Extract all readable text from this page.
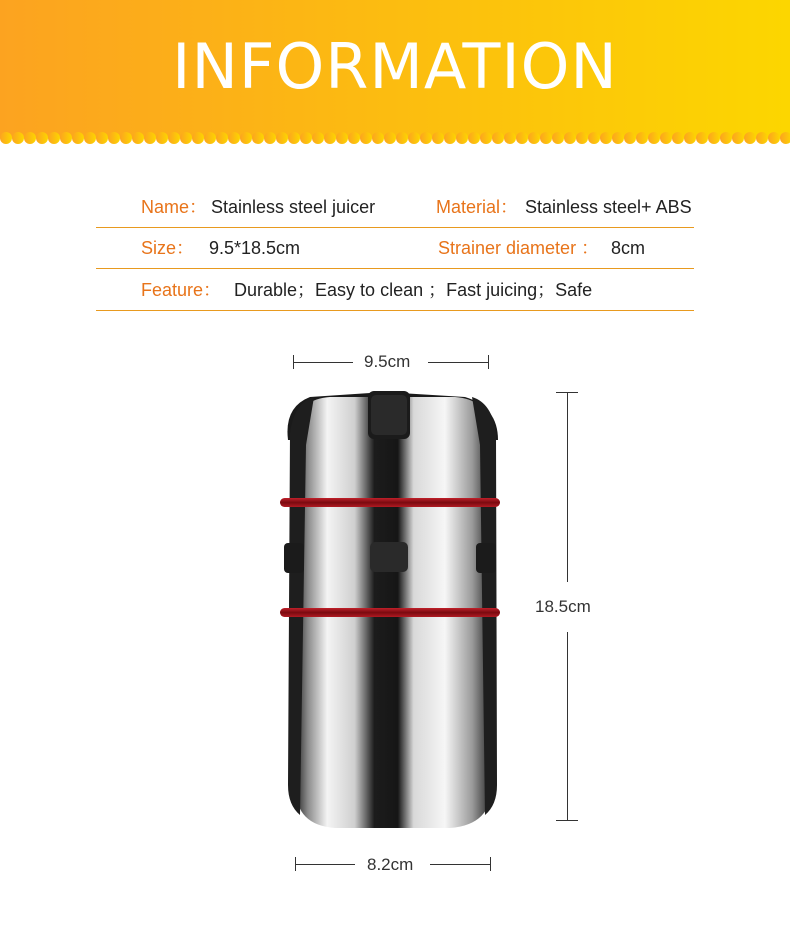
INFORMATION
Name： Stainless steel juicer	Material： Stainless steel+ ABS
Size： 9.5*18.5cm	Strainer diameter ： 8cm
Feature： Durable；Easy to clean ；Fast juicing；Safe
9.5cm
18.5cm
8.2cm
